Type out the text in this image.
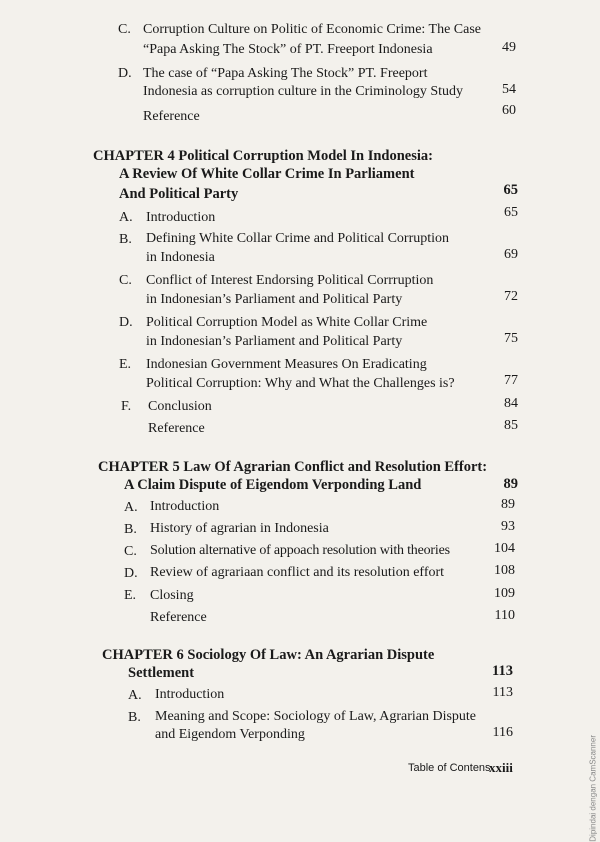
C. Corruption Culture on Politic of Economic Crime: The Case
“Papa Asking The Stock” of PT. Freeport Indonesia	49
D. The case of “Papa Asking The Stock” PT. Freeport
Indonesia as corruption culture in the Criminology Study	54
Reference	60
CHAPTER 4 Political Corruption Model In Indonesia:
A Review Of White Collar Crime In Parliament
And Political Party	65
A. Introduction	65
B. Defining White Collar Crime and Political Corruption
in Indonesia	69
C. Conflict of Interest Endorsing Political Corrruption
in Indonesian’s Parliament and Political Party	72
D. Political Corruption Model as White Collar Crime
in Indonesian’s Parliament and Political Party	75
E. Indonesian Government Measures On Eradicating
Political Corruption: Why and What the Challenges is?	77
F. Conclusion	84
Reference	85
CHAPTER 5 Law Of Agrarian Conflict and Resolution Effort:
A Claim Dispute of Eigendom Verponding Land	89
A. Introduction	89
B. History of agrarian in Indonesia	93
C. Solution alternative of appoach resolution with theories	104
D. Review of agrariaan conflict and its resolution effort	108
E. Closing	109
Reference	110
CHAPTER 6 Sociology Of Law: An Agrarian Dispute
Settlement	113
A. Introduction	113
B. Meaning and Scope: Sociology of Law, Agrarian Dispute
and Eigendom Verponding	116
Table of Contens
xxiii	Dipindai dengan CamScanner
